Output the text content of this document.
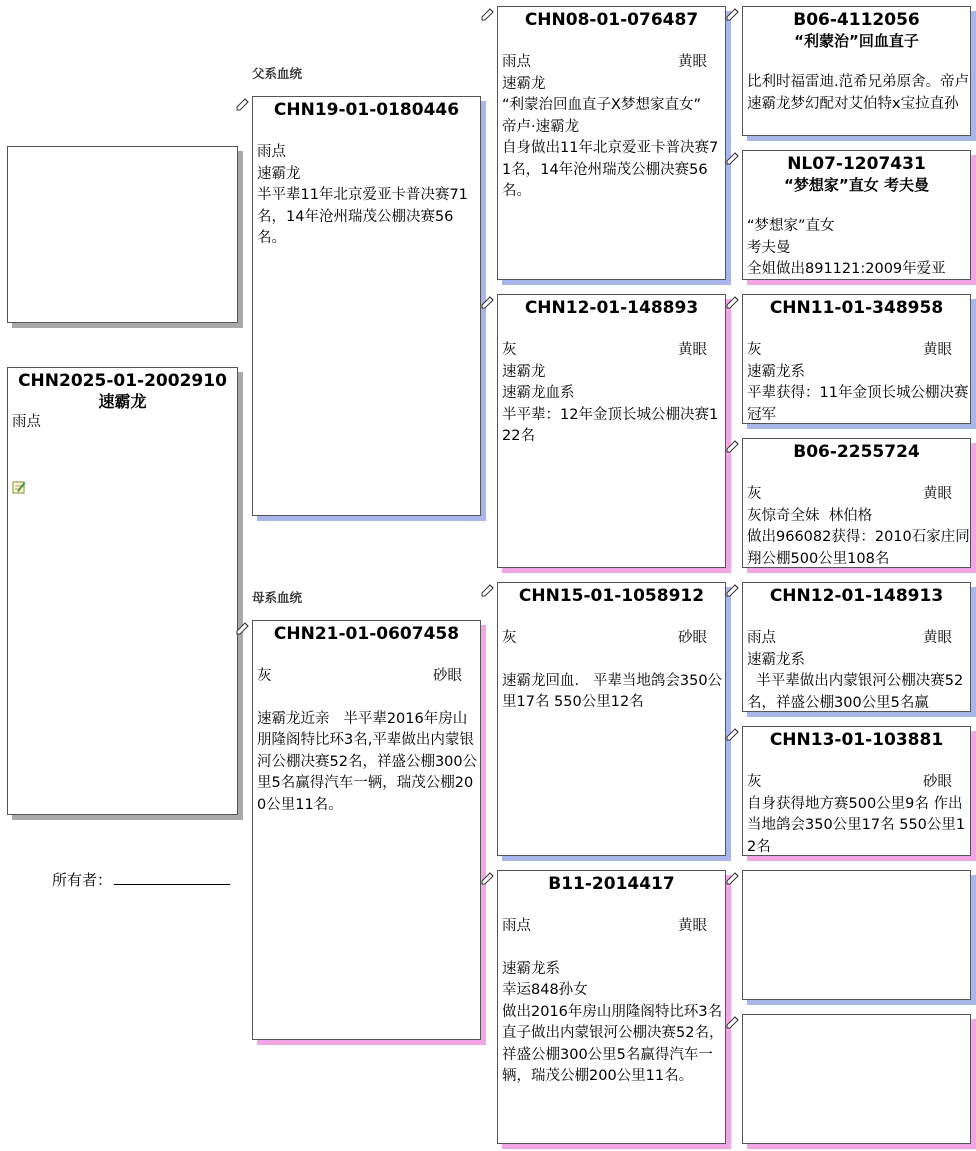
父系血统
母系血统
CHN2025-01-2002910
速霸龙
雨点
所有者：
CHN19-01-0180446
雨点
速霸龙
半平辈11年北京爱亚卡普决赛71名，14年沧州瑞茂公棚决赛56名。
CHN21-01-0607458
灰	砂眼
速霸龙近亲   半平辈2016年房山朋隆阁特比环3名,平辈做出内蒙银河公棚决赛52名，祥盛公棚300公里5名赢得汽车一辆，瑞茂公棚200公里11名。
CHN08-01-076487
雨点	黄眼
速霸龙
“利蒙治回血直子X梦想家直女”
帝卢·速霸龙
自身做出11年北京爱亚卡普决赛71名，14年沧州瑞茂公棚决赛56名。
CHN12-01-148893
灰	黄眼
速霸龙
速霸龙血系
半平辈：12年金顶长城公棚决赛122名
CHN15-01-1058912
灰	砂眼
速霸龙回血.   平辈当地鸽会350公里17名 550公里12名
B11-2014417
雨点	黄眼
速霸龙系
幸运848孙女
做出2016年房山朋隆阁特比环3名
直子做出内蒙银河公棚决赛52名，祥盛公棚300公里5名赢得汽车一辆，瑞茂公棚200公里11名。
B06-4112056
“利蒙治”回血直子
比利时福雷迪.范希兄弟原舍。帝卢速霸龙梦幻配对艾伯特x宝拉直孙
NL07-1207431
“梦想家”直女 考夫曼
“梦想家”直女
考夫曼
全姐做出891121:2009年爱亚
CHN11-01-348958
灰	黄眼
速霸龙系
平辈获得：11年金顶长城公棚决赛冠军
B06-2255724
灰	黄眼
灰惊奇全妹  林伯格
做出966082获得：2010石家庄同翔公棚500公里108名
CHN12-01-148913
雨点	黄眼
速霸龙系
半平辈做出内蒙银河公棚决赛52名，祥盛公棚300公里5名赢
CHN13-01-103881
灰	砂眼
自身获得地方赛500公里9名 作出当地鸽会350公里17名 550公里12名
